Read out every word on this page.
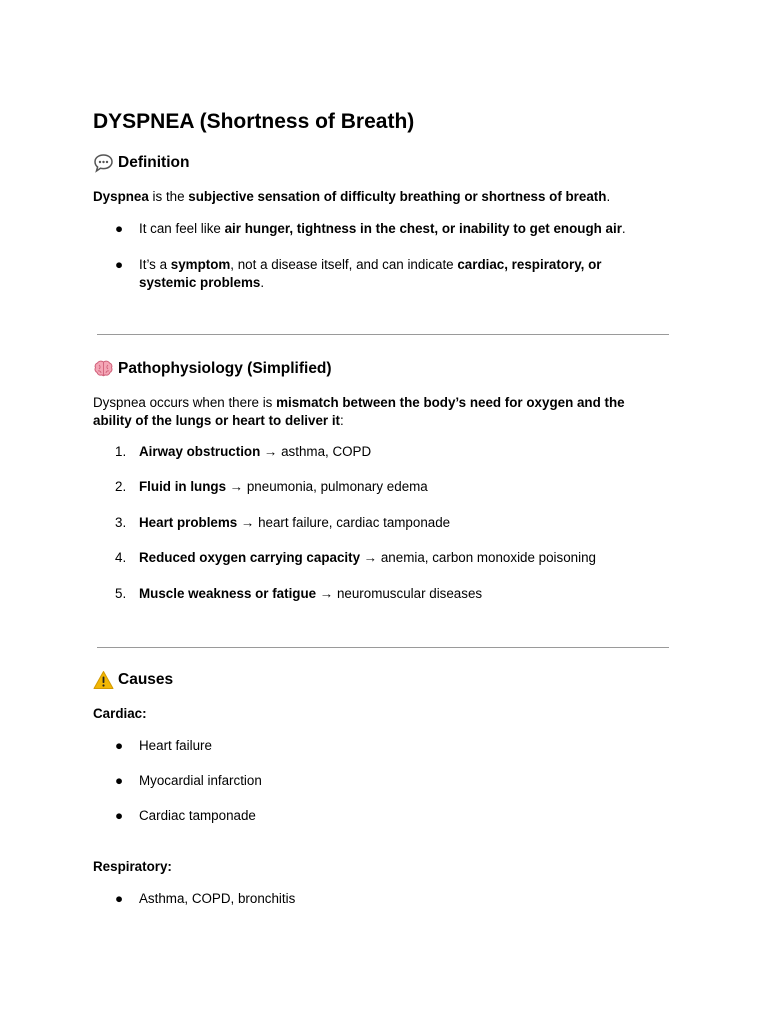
DYSPNEA (Shortness of Breath)
Definition

Dyspnea is the subjective sensation of difficulty breathing or shortness of breath.

●	It can feel like air hunger, tightness in the chest, or inability to get enough air.
●	It’s a symptom, not a disease itself, and can indicate cardiac, respiratory, or systemic problems.
Pathophysiology (Simplified)

Dyspnea occurs when there is mismatch between the body’s need for oxygen and the ability of the lungs or heart to deliver it:

1. Airway obstruction → asthma, COPD
2. Fluid in lungs → pneumonia, pulmonary edema
3. Heart problems → heart failure, cardiac tamponade
4. Reduced oxygen carrying capacity → anemia, carbon monoxide poisoning
5. Muscle weakness or fatigue → neuromuscular diseases
Causes

Cardiac:

●	Heart failure
●	Myocardial infarction
●	Cardiac tamponade

Respiratory:

●	Asthma, COPD, bronchitis
